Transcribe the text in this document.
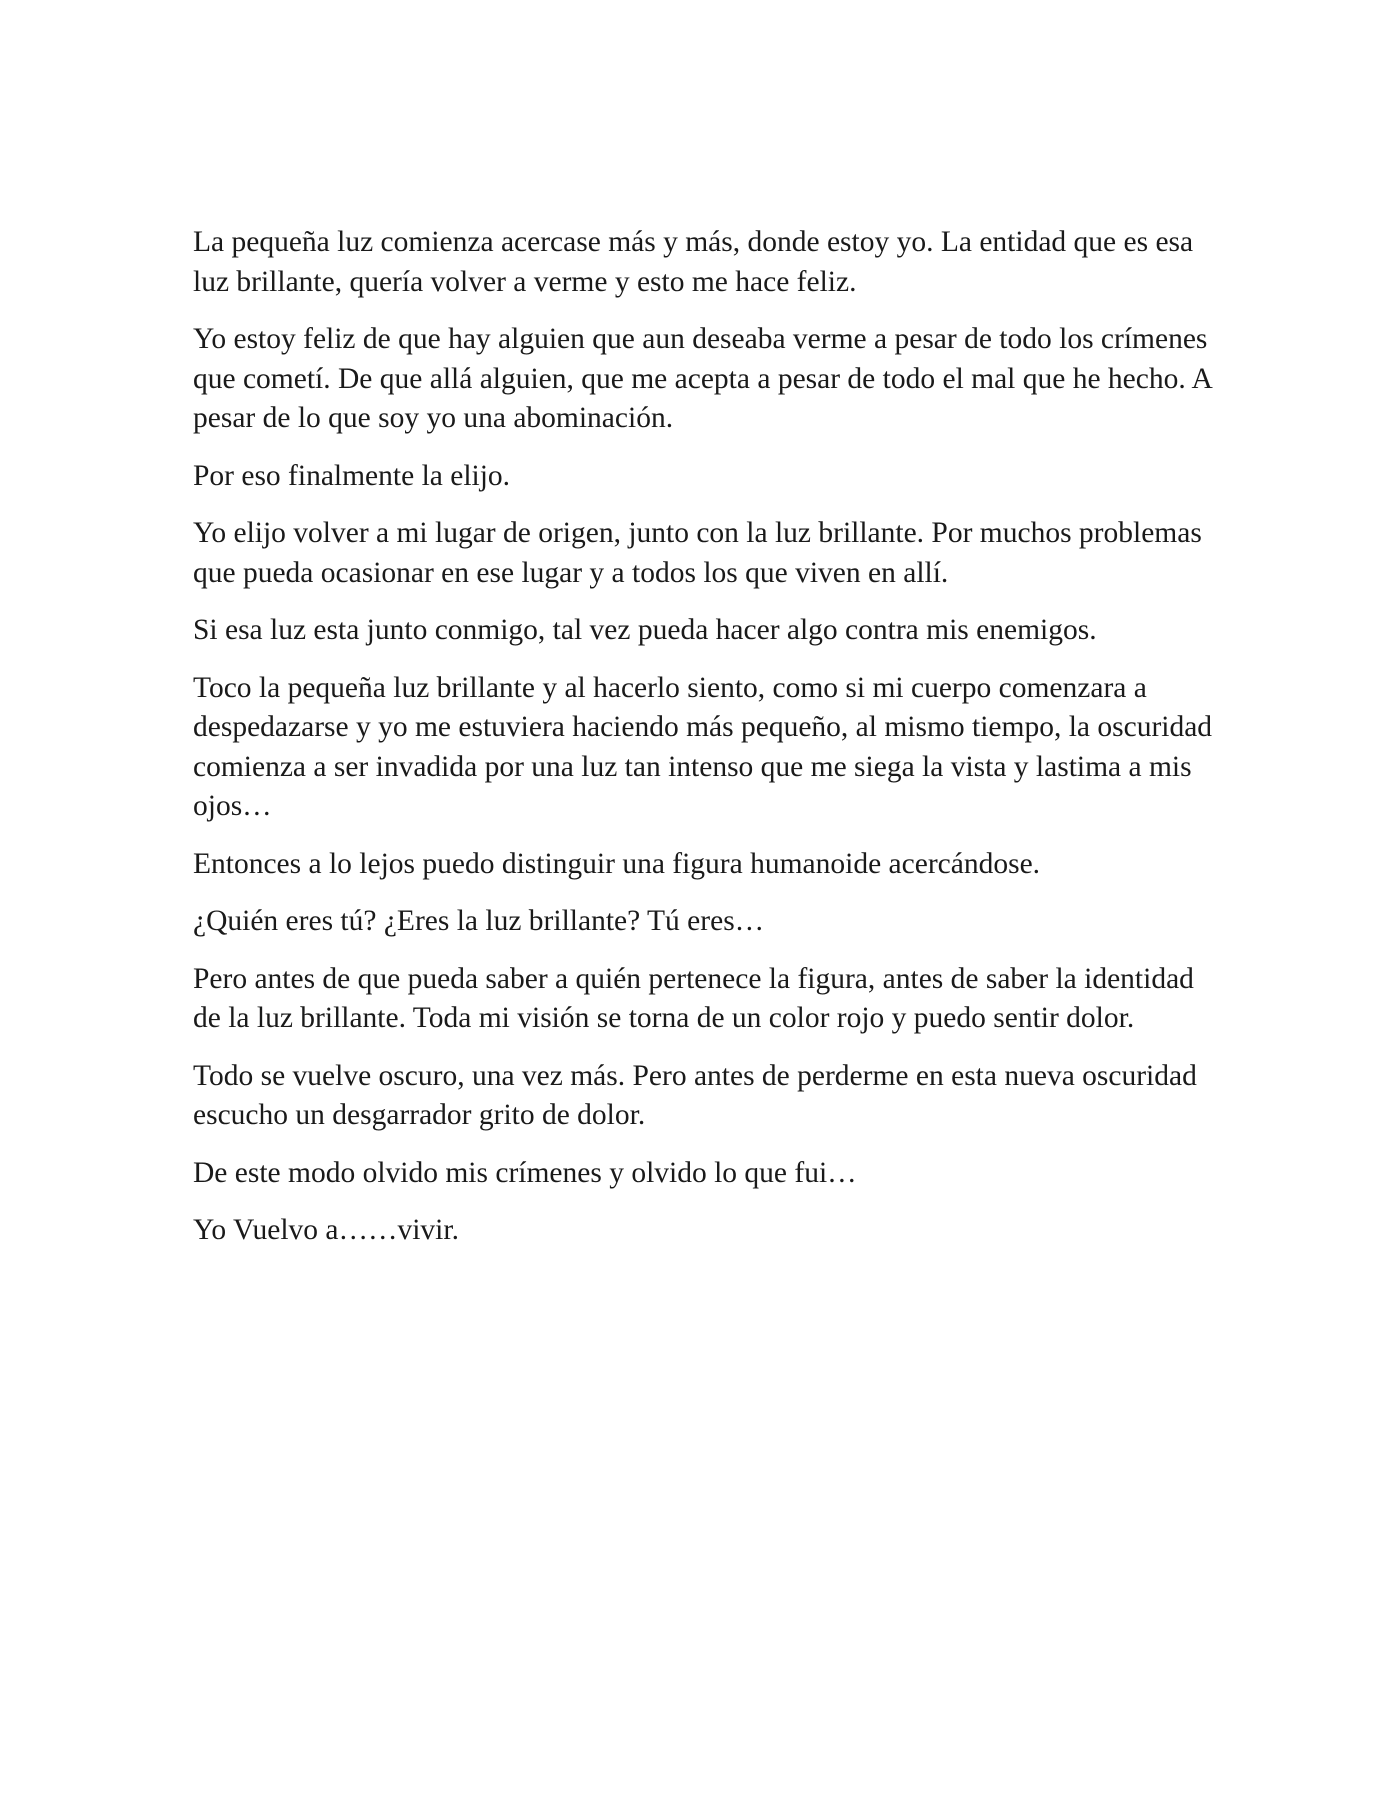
La pequeña luz comienza acercase más y más, donde estoy yo. La entidad que es esa luz brillante, quería volver a verme y esto me hace feliz.

Yo estoy feliz de que hay alguien que aun deseaba verme a pesar de todo los crímenes que cometí. De que allá alguien, que me acepta a pesar de todo el mal que he hecho. A pesar de lo que soy yo una abominación.

Por eso finalmente la elijo.

Yo elijo volver a mi lugar de origen, junto con la luz brillante. Por muchos problemas que pueda ocasionar en ese lugar y a todos los que viven en allí.

Si esa luz esta junto conmigo, tal vez pueda hacer algo contra mis enemigos.

Toco la pequeña luz brillante y al hacerlo siento, como si mi cuerpo comenzara a despedazarse y yo me estuviera haciendo más pequeño, al mismo tiempo, la oscuridad comienza a ser invadida por una luz tan intenso que me siega la vista y lastima a mis ojos…

Entonces a lo lejos puedo distinguir una figura humanoide acercándose.

¿Quién eres tú? ¿Eres la luz brillante? Tú eres…

Pero antes de que pueda saber a quién pertenece la figura, antes de saber la identidad de la luz brillante. Toda mi visión se torna de un color rojo y puedo sentir dolor.

Todo se vuelve oscuro, una vez más. Pero antes de perderme en esta nueva oscuridad escucho un desgarrador grito de dolor.

De este modo olvido mis crímenes y olvido lo que fui…

Yo Vuelvo a……vivir.
